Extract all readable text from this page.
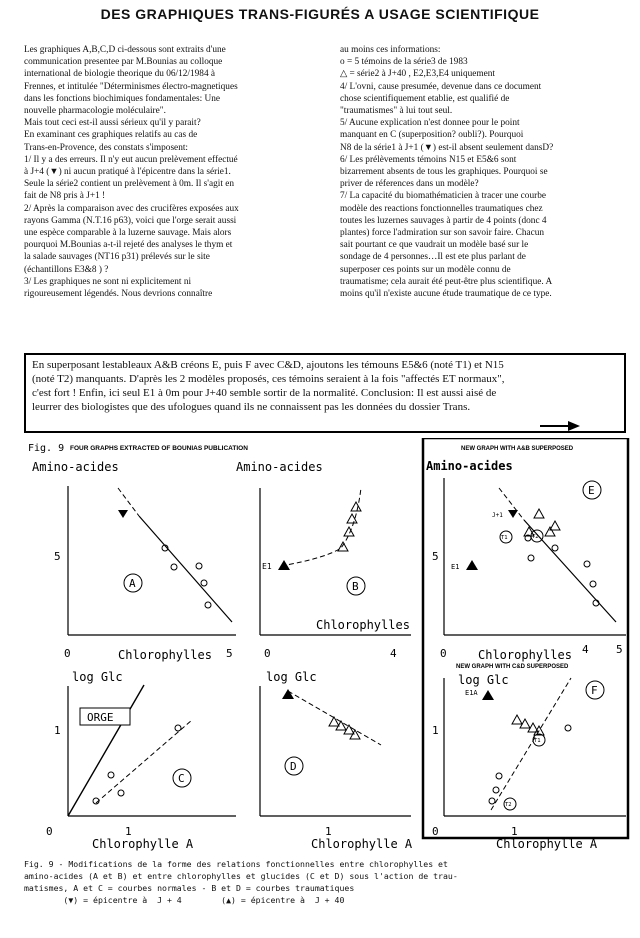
DES GRAPHIQUES TRANS-FIGURÉS A USAGE SCIENTIFIQUE
Les graphiques A,B,C,D ci-dessous sont extraits d'une
communication presentee par M.Bounias au colloque
international de biologie theorique du 06/12/1984 à
Frennes, et intitulée "Déterminismes électro-magnetiques
dans les fonctions biochimiques fondamentales: Une
nouvelle pharmacologie moléculaire".
Mais tout ceci est-il aussi sérieux qu'il y parait?
En examinant ces graphiques relatifs au cas de
Trans-en-Provence, des constats s'imposent:
1/ Il y a des erreurs. Il n'y eut aucun prelèvement effectué
à J+4 (▼) ni aucun pratiqué à l'épicentre dans la série1.
Seule la série2 contient un prelèvement à 0m. Il s'agit en
fait de N8 pris à J+1 !
2/ Après la comparaison avec des crucifères exposées aux
rayons Gamma (N.T.16 p63), voici que l'orge serait aussi
une espèce comparable à la luzerne sauvage. Mais alors
pourquoi M.Bounias a-t-il rejeté des analyses le thym et
la salade sauvages (NT16 p31) prélevés sur le site
(échantillons E3&8 ) ?
3/ Les graphiques ne sont ni explicitement ni
rigoureusement légendés. Nous devrions connaître
au moins ces informations:
o = 5 témoins de la série3 de 1983
△ = série2 à J+40 , E2,E3,E4 uniquement
4/ L'ovni, cause presumée, devenue dans ce document
chose scientifiquement etablie, est qualifié de
"traumatismes" à lui tout seul.
5/ Aucune explication n'est donnee pour le point
manquant en C (superposition? oubli?). Pourquoi
N8 de la série1 à J+1 (▼) est-il absent seulement dansD?
6/ Les prélèvements témoins N15 et E5&6 sont
bizarrement absents de tous les graphiques. Pourquoi se
priver de réferences dans un modèle?
7/ La capacité du biomathématicien à tracer une courbe
modèle des reactions fonctionnelles traumatiques chez
toutes les luzernes sauvages à partir de 4 points (donc 4
plantes) force l'admiration sur son savoir faire. Chacun
sait pourtant ce que vaudrait un modèle basé sur le
sondage de 4 personnes…Il est ete plus parlant de
superposer ces points sur un modèle connu de
traumatisme; cela aurait été peut-être plus scientifique. A
moins qu'il n'existe aucune étude traumatique de ce type.
En superposant lestableaux A&B créons E, puis F avec C&D, ajoutons les témouns E5&6 (noté T1) et N15
(noté T2) manquants. D'après les 2 modèles proposés, ces témoins seraient à la fois "affectés ET normaux",
c'est fort ! Enfin, ici seul E1 à 0m pour J+40 semble sortir de la normalité. Conclusion: Il est aussi aisé de
leurrer des biologistes que des ufologues quand ils ne connaissent pas les données du dossier Trans.
Fig. 9 FOUR GRAPHS EXTRACTED OF BOUNIAS PUBLICATION	NEW GRAPH WITH A&B SUPERPOSED
Amino-acides
A
5
0	5
Chlorophylles
Amino-acides
E1
B
0	4
Chlorophylles
Amino-acides
J+1
E1
T1	T2
E
5
0	4 5
Chlorophylles
log Glc
ORGE
C
1
0	1
Chlorophylle A
log Glc
D
1
Chlorophylle A
NEW GRAPH WITH C&D SUPERPOSED
log Glc
E1A
T1
T2
F
1
0	1
Chlorophylle A
Fig. 9 - Modifications de la forme des relations fonctionnelles entre chlorophylles et
amino-acides (A et B) et entre chlorophylles et glucides (C et D) sous l'action de trau-
matismes, A et C = courbes normales - B et D = courbes traumatiques
(▼) = épicentre à  J + 4        (▲) = épicentre à  J + 40
